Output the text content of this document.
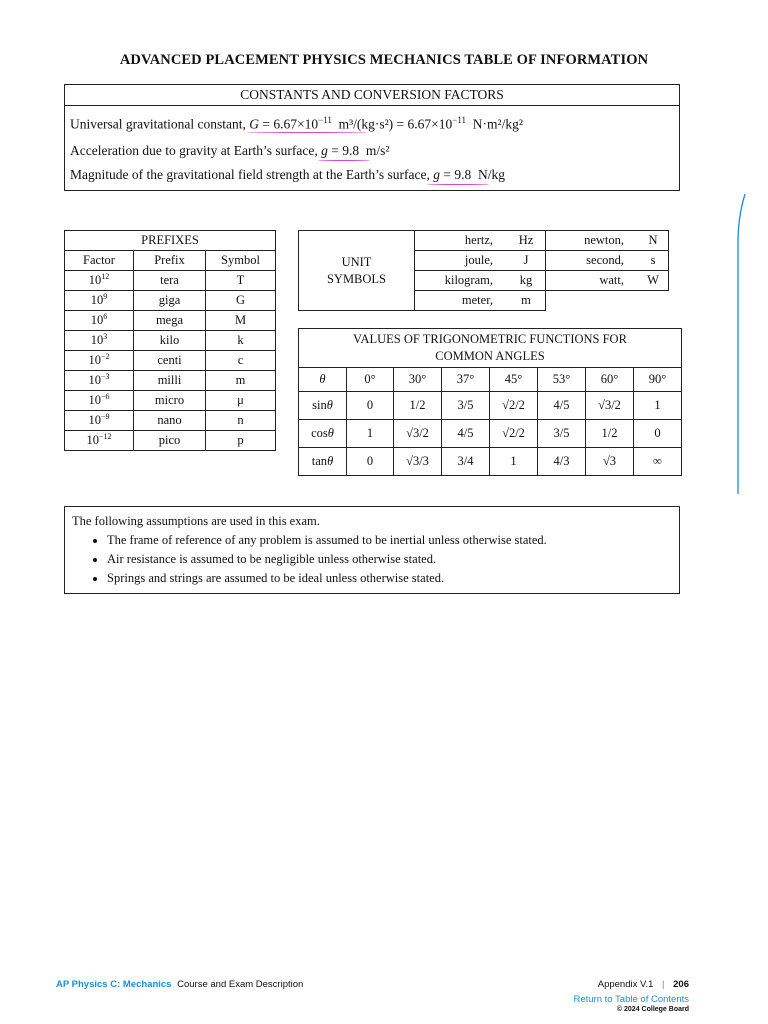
ADVANCED PLACEMENT PHYSICS MECHANICS TABLE OF INFORMATION
CONSTANTS AND CONVERSION FACTORS
Universal gravitational constant, $G = 6.67\times 10^{-11}$ $m^3/(kg\cdot s^2) = 6.67\times 10^{-11}$ N·m²/kg²
Acceleration due to gravity at Earth’s surface, g = 9.8 m/s²
Magnitude of the gravitational field strength at the Earth’s surface, g = 9.8 N/kg
PREFIXES		
Factor	Prefix	Symbol
$10^{12}$	tera	T
$10^9$	giga	G
$10^6$	mega	M
$10^3$	kilo	k
$10^{-2}$	centi	c
$10^{-3}$	milli	m
$10^{-6}$	micro	μ
$10^{-9}$	nano	n
$10^{-12}$	pico	p
UNIT
SYMBOLS	hertz,	Hz	newton,	N
	joule,	J	second,	s
	kilogram,	kg	watt,	W
	meter,	m		
VALUES OF TRIGONOMETRIC FUNCTIONS FOR
COMMON ANGLES							
θ	0°	30°	37°	45°	53°	60°	90°
sinθ	0	1/2	3/5	√2/2	4/5	√3/2	1
cosθ	1	√3/2	4/5	√2/2	3/5	1/2	0
tanθ	0	√3/3	3/4	1	4/3	√3	∞
The following assumptions are used in this exam.
• The frame of reference of any problem is assumed to be inertial unless otherwise stated.
• Air resistance is assumed to be negligible unless otherwise stated.
• Springs and strings are assumed to be ideal unless otherwise stated.
AP Physics C: Mechanics Course and Exam Description	Appendix V.1 | 206
Return to Table of Contents
© 2024 College Board
